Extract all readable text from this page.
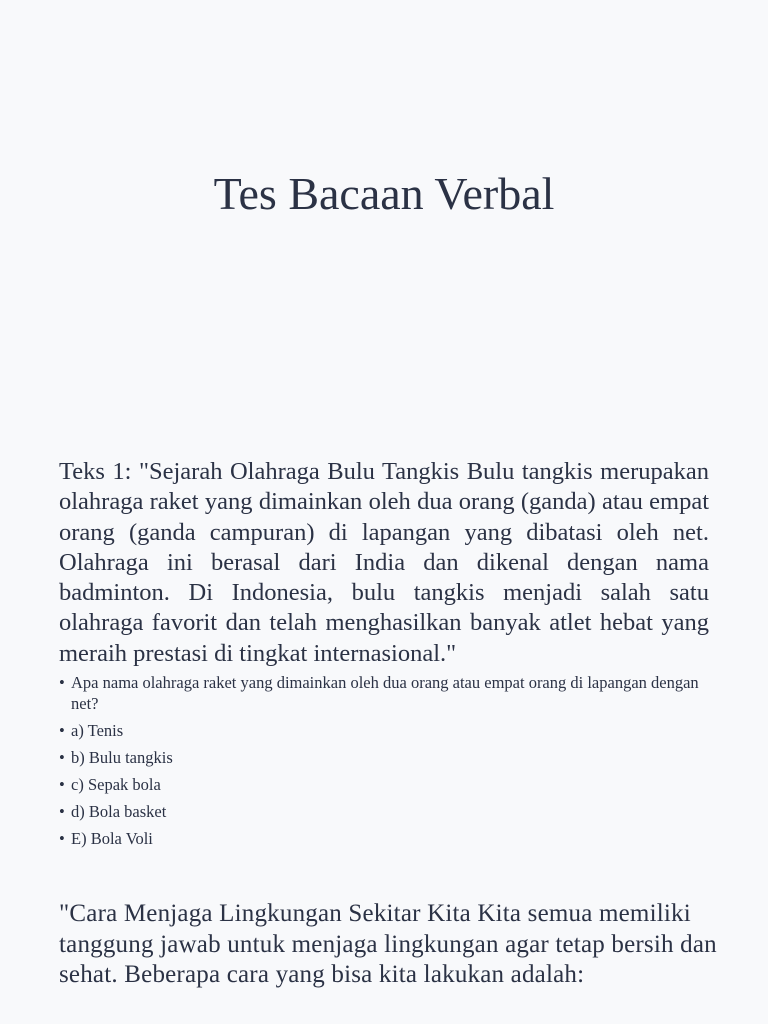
Tes Bacaan Verbal

Teks 1: "Sejarah Olahraga Bulu Tangkis Bulu tangkis merupakan olahraga raket yang dimainkan oleh dua orang (ganda) atau empat orang (ganda campuran) di lapangan yang dibatasi oleh net. Olahraga ini berasal dari India dan dikenal dengan nama badminton. Di Indonesia, bulu tangkis menjadi salah satu olahraga favorit dan telah menghasilkan banyak atlet hebat yang meraih prestasi di tingkat internasional."

• Apa nama olahraga raket yang dimainkan oleh dua orang atau empat orang di lapangan dengan net?
• a) Tenis
• b) Bulu tangkis
• c) Sepak bola
• d) Bola basket
• E) Bola Voli

"Cara Menjaga Lingkungan Sekitar Kita Kita semua memiliki tanggung jawab untuk menjaga lingkungan agar tetap bersih dan sehat. Beberapa cara yang bisa kita lakukan adalah:
